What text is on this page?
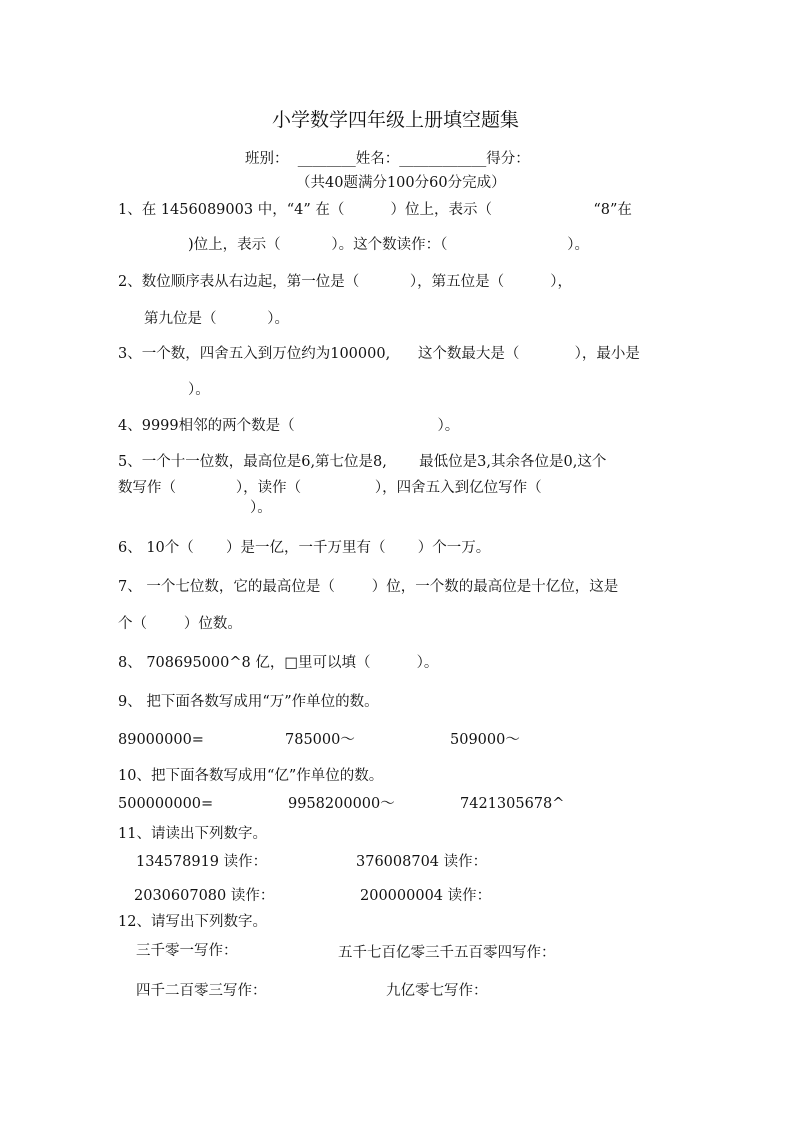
小学数学四年级上册填空题集
班别：  ________姓名：____________得分：
（共40题满分100分60分完成）
1、在 1456089003 中，“4” 在（          ）位上，表示（                      “8”在
)位上，表示（           ）。这个数读作：（                          ）。
2、数位顺序表从右边起，第一位是（           ），第五位是（          ），
第九位是（           ）。
3、一个数，四舍五入到万位约为100000,      这个数最大是（            ），最小是
）。
4、9999相邻的两个数是（                               ）。
5、一个十一位数，最高位是6,第七位是8,       最低位是3,其余各位是0,这个
数写作（             ），读作（                ），四舍五入到亿位写作（
）。
6、 10个（       ）是一亿，一千万里有（       ）个一万。
7、 一个七位数，它的最高位是（        ）位，一个数的最高位是十亿位，这是
个（        ）位数。
8、 708695000^8 亿，□里可以填（          ）。
9、 把下面各数写成用“万”作单位的数。
89000000=	785000～	509000～
10、把下面各数写成用“亿”作单位的数。
500000000=	9958200000～	7421305678^
11、请读出下列数字。
134578919 读作：	376008704 读作：
2030607080 读作：	200000004 读作：
12、请写出下列数字。
三千零一写作：	五千七百亿零三千五百零四写作：
四千二百零三写作：	九亿零七写作：
